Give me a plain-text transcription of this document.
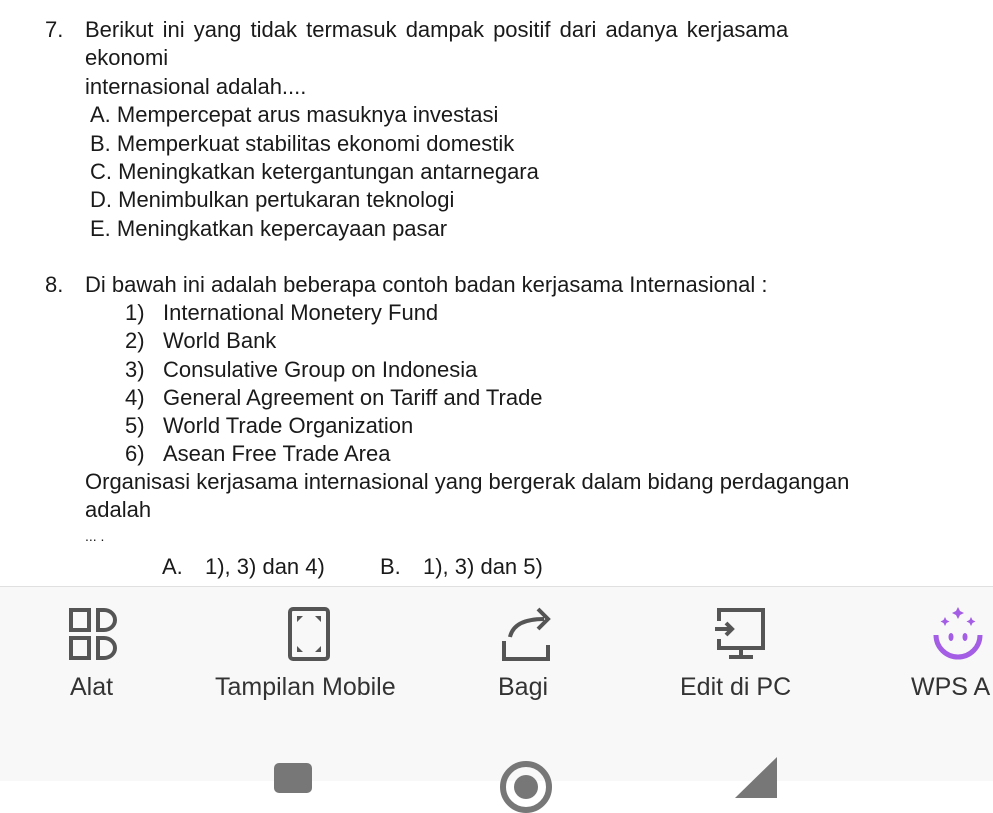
7. Berikut ini yang tidak termasuk dampak positif dari adanya kerjasama
ekonomi
internasional adalah....
A. Mempercepat arus masuknya investasi
B. Memperkuat stabilitas ekonomi domestik
C. Meningkatkan ketergantungan antarnegara
D. Menimbulkan pertukaran teknologi
E. Meningkatkan kepercayaan pasar
8. Di bawah ini adalah beberapa contoh badan kerjasama Internasional :
1) International Monetery Fund
2) World Bank
3) Consulative Group on Indonesia
4) General Agreement on Tariff and Trade
5) World Trade Organization
6) Asean Free Trade Area
Organisasi kerjasama internasional yang bergerak dalam bidang perdagangan
adalah
... .
A. 1), 3) dan 4)	B. 1), 3) dan 5)
Alat	Tampilan Mobile	Bagi	Edit di PC	WPS A
